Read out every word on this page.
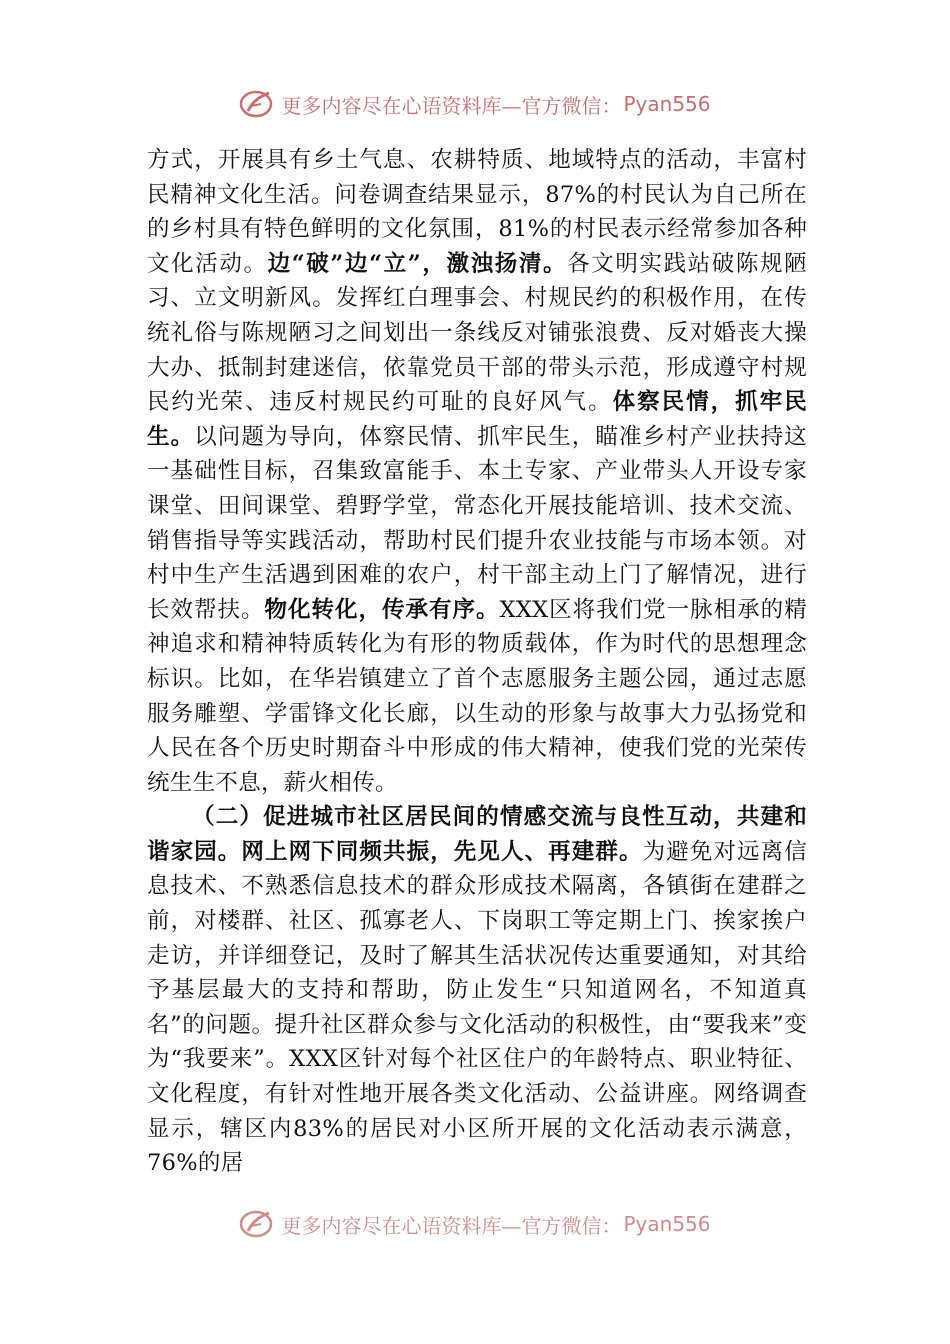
更多内容尽在心语资料库—官方微信： Pyan556

方式，开展具有乡土气息、农耕特质、地域特点的活动，丰富村民精神文化生活。问卷调查结果显示，87%的村民认为自己所在的乡村具有特色鲜明的文化氛围，81%的村民表示经常参加各种文化活动。边“破”边“立”，激浊扬清。各文明实践站破陈规陋习、立文明新风。发挥红白理事会、村规民约的积极作用，在传统礼俗与陈规陋习之间划出一条线反对铺张浪费、反对婚丧大操大办、抵制封建迷信，依靠党员干部的带头示范，形成遵守村规民约光荣、违反村规民约可耻的良好风气。体察民情，抓牢民生。以问题为导向，体察民情、抓牢民生，瞄准乡村产业扶持这一基础性目标，召集致富能手、本土专家、产业带头人开设专家课堂、田间课堂、碧野学堂，常态化开展技能培训、技术交流、销售指导等实践活动，帮助村民们提升农业技能与市场本领。对村中生产生活遇到困难的农户，村干部主动上门了解情况，进行长效帮扶。物化转化，传承有序。XXX区将我们党一脉相承的精神追求和精神特质转化为有形的物质载体，作为时代的思想理念标识。比如，在华岩镇建立了首个志愿服务主题公园，通过志愿服务雕塑、学雷锋文化长廊，以生动的形象与故事大力弘扬党和人民在各个历史时期奋斗中形成的伟大精神，使我们党的光荣传统生生不息，薪火相传。

（二）促进城市社区居民间的情感交流与良性互动，共建和谐家园。网上网下同频共振，先见人、再建群。为避免对远离信息技术、不熟悉信息技术的群众形成技术隔离，各镇街在建群之前，对楼群、社区、孤寡老人、下岗职工等定期上门、挨家挨户走访，并详细登记，及时了解其生活状况传达重要通知，对其给予基层最大的支持和帮助，防止发生“只知道网名，不知道真名”的问题。提升社区群众参与文化活动的积极性，由“要我来”变为“我要来”。XXX区针对每个社区住户的年龄特点、职业特征、文化程度，有针对性地开展各类文化活动、公益讲座。网络调查显示，辖区内83%的居民对小区所开展的文化活动表示满意，76%的居

更多内容尽在心语资料库—官方微信： Pyan556
